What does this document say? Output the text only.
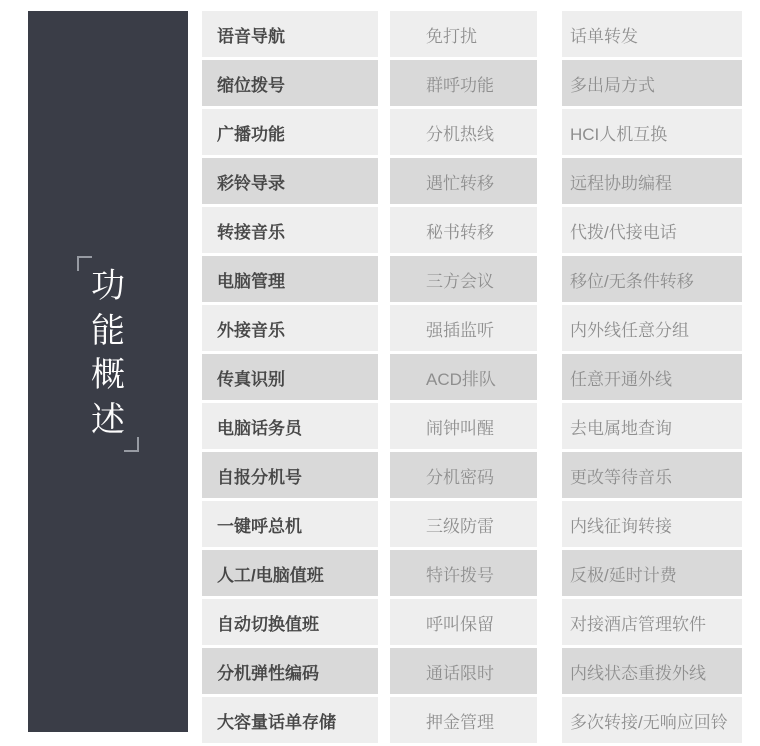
功
能
概
述
语音导航	免打扰	话单转发
缩位拨号	群呼功能	多出局方式
广播功能	分机热线	HCI人机互换
彩铃导录	遇忙转移	远程协助编程
转接音乐	秘书转移	代拨/代接电话
电脑管理	三方会议	移位/无条件转移
外接音乐	强插监听	内外线任意分组
传真识别	ACD排队	任意开通外线
电脑话务员	闹钟叫醒	去电属地查询
自报分机号	分机密码	更改等待音乐
一键呼总机	三级防雷	内线征询转接
人工/电脑值班	特许拨号	反极/延时计费
自动切换值班	呼叫保留	对接酒店管理软件
分机弹性编码	通话限时	内线状态重拨外线
大容量话单存储	押金管理	多次转接/无响应回铃
